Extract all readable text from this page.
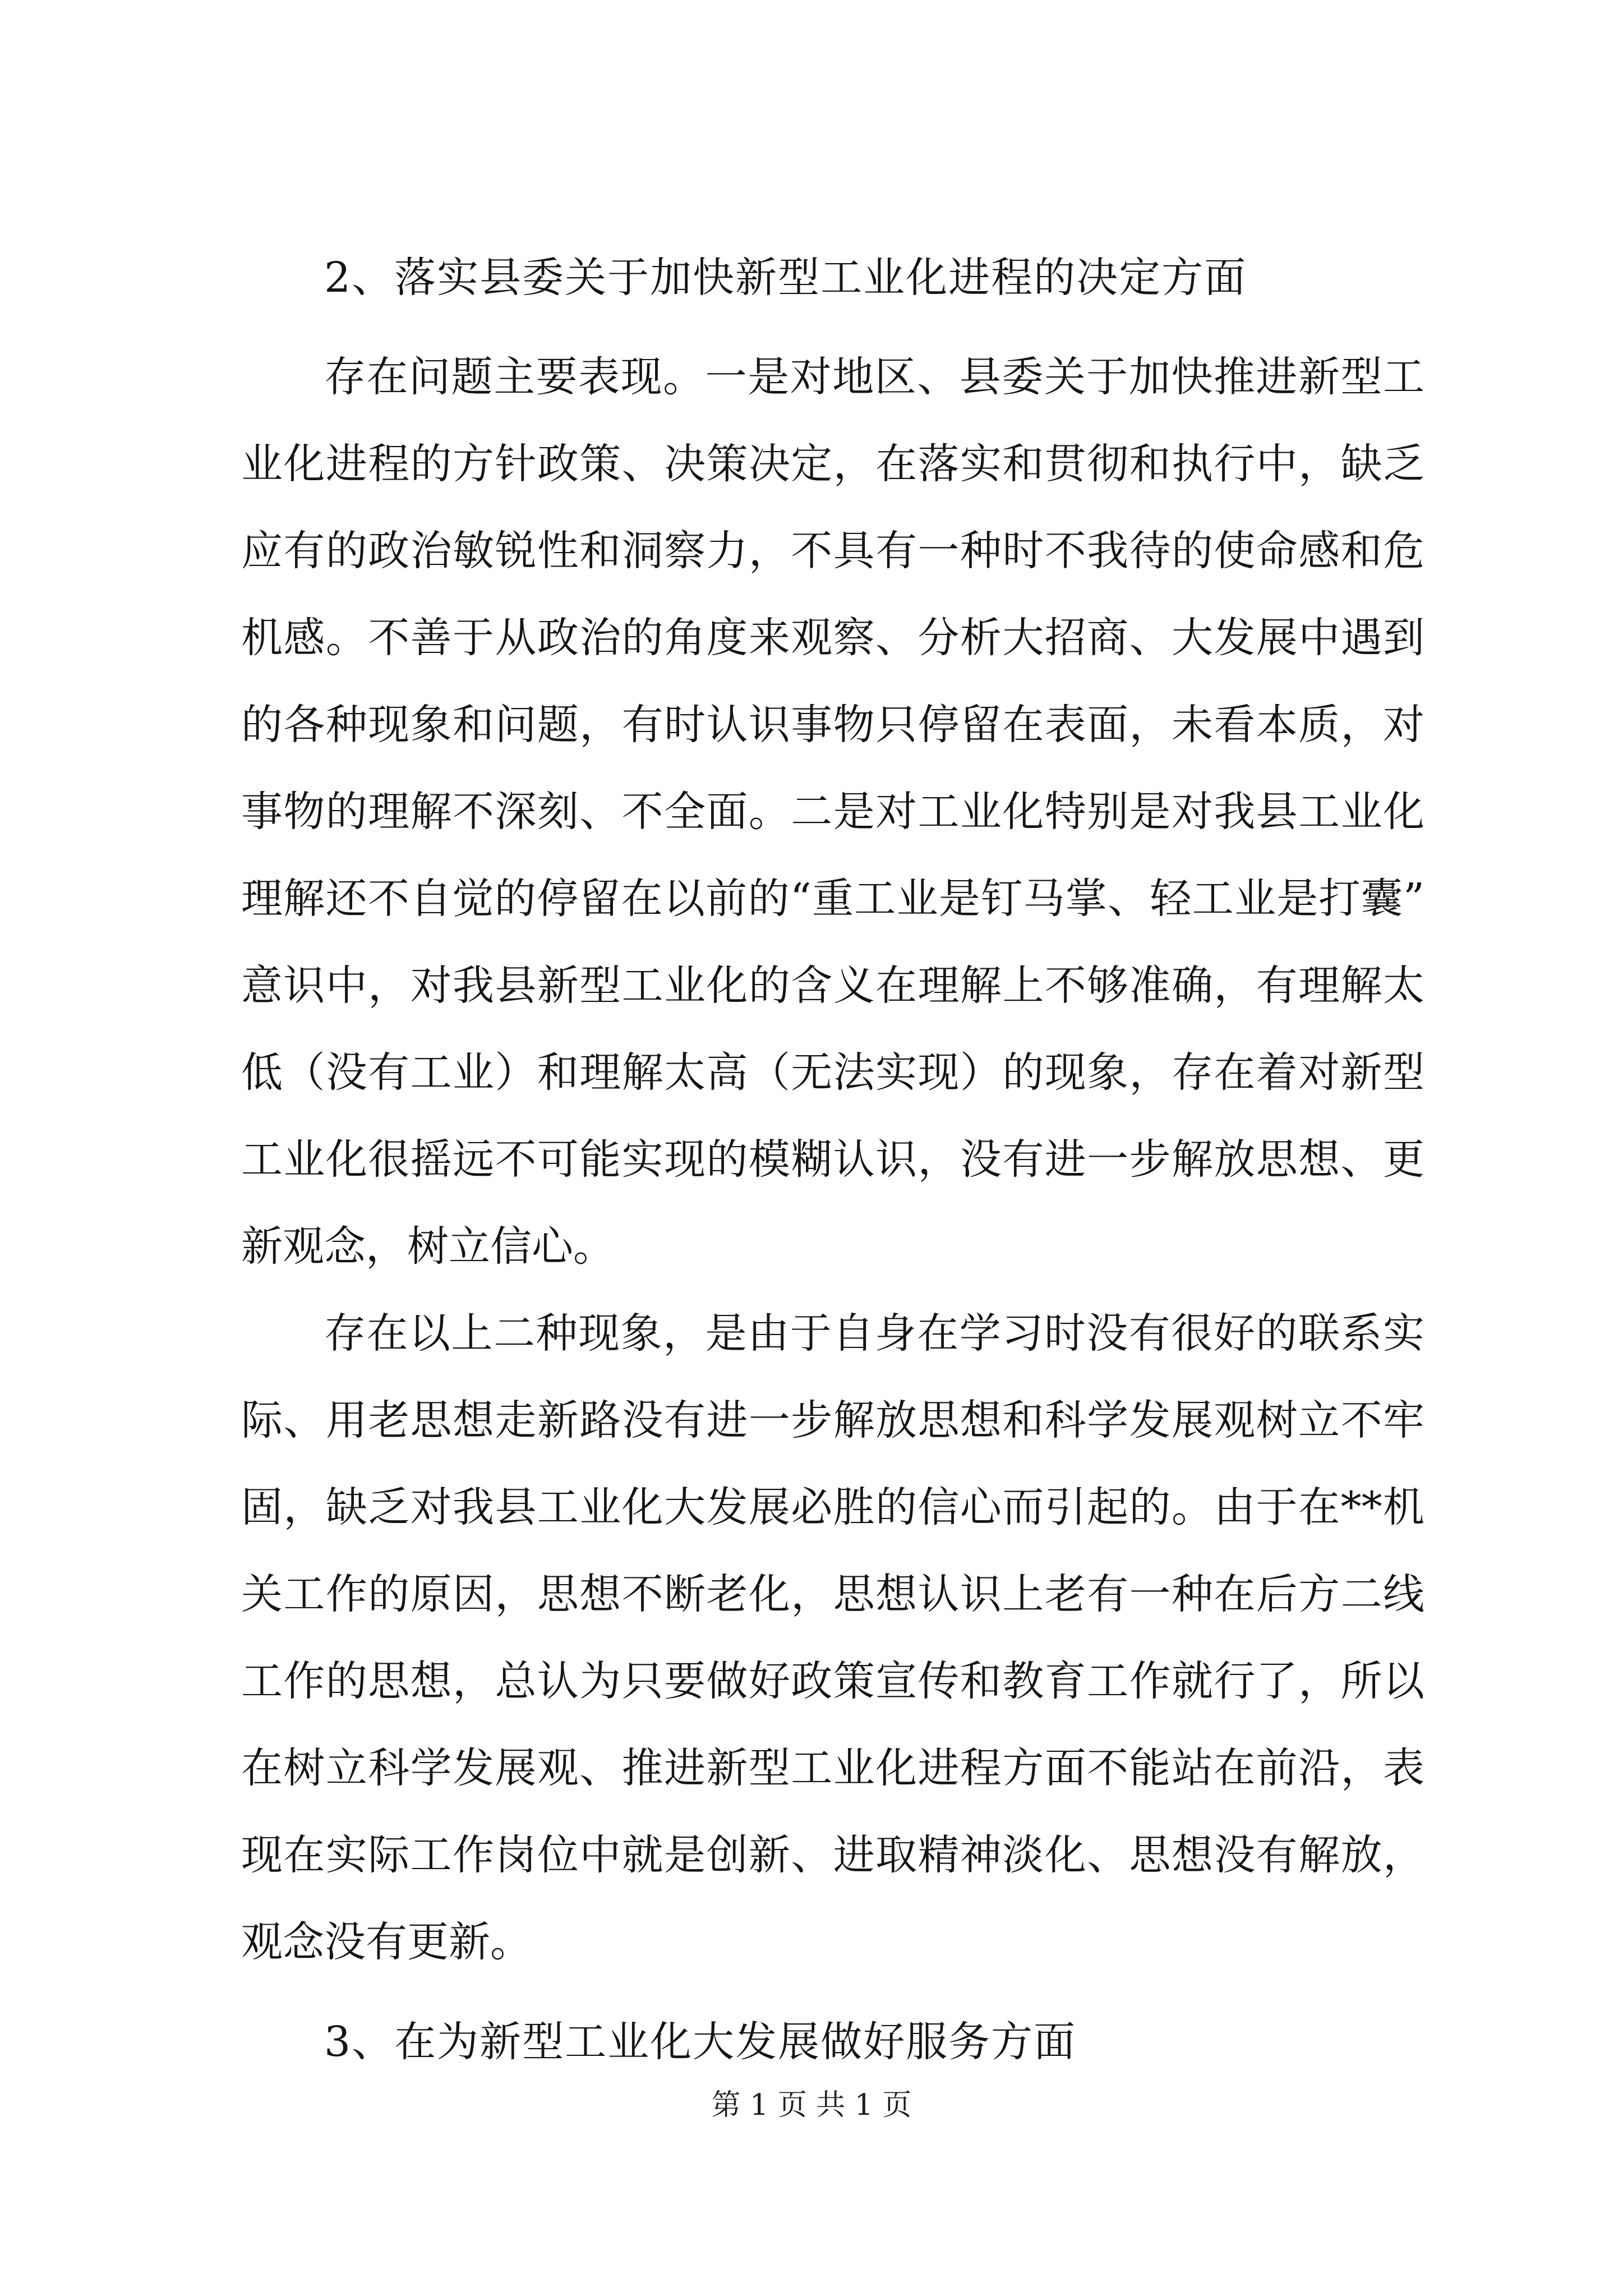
2、落实县委关于加快新型工业化进程的决定方面

存在问题主要表现。一是对地区、县委关于加快推进新型工
业化进程的方针政策、决策决定，在落实和贯彻和执行中，缺乏
应有的政治敏锐性和洞察力，不具有一种时不我待的使命感和危
机感。不善于从政治的角度来观察、分析大招商、大发展中遇到
的各种现象和问题，有时认识事物只停留在表面，未看本质，对
事物的理解不深刻、不全面。二是对工业化特别是对我县工业化
理解还不自觉的停留在以前的“重工业是钉马掌、轻工业是打囊”
意识中，对我县新型工业化的含义在理解上不够准确，有理解太
低（没有工业）和理解太高（无法实现）的现象，存在着对新型
工业化很摇远不可能实现的模糊认识，没有进一步解放思想、更
新观念，树立信心。
存在以上二种现象，是由于自身在学习时没有很好的联系实
际、用老思想走新路没有进一步解放思想和科学发展观树立不牢
固，缺乏对我县工业化大发展必胜的信心而引起的。由于在**机
关工作的原因，思想不断老化，思想认识上老有一种在后方二线
工作的思想，总认为只要做好政策宣传和教育工作就行了，所以
在树立科学发展观、推进新型工业化进程方面不能站在前沿，表
现在实际工作岗位中就是创新、进取精神淡化、思想没有解放，
观念没有更新。

3、在为新型工业化大发展做好服务方面

第 1 页 共 1 页
